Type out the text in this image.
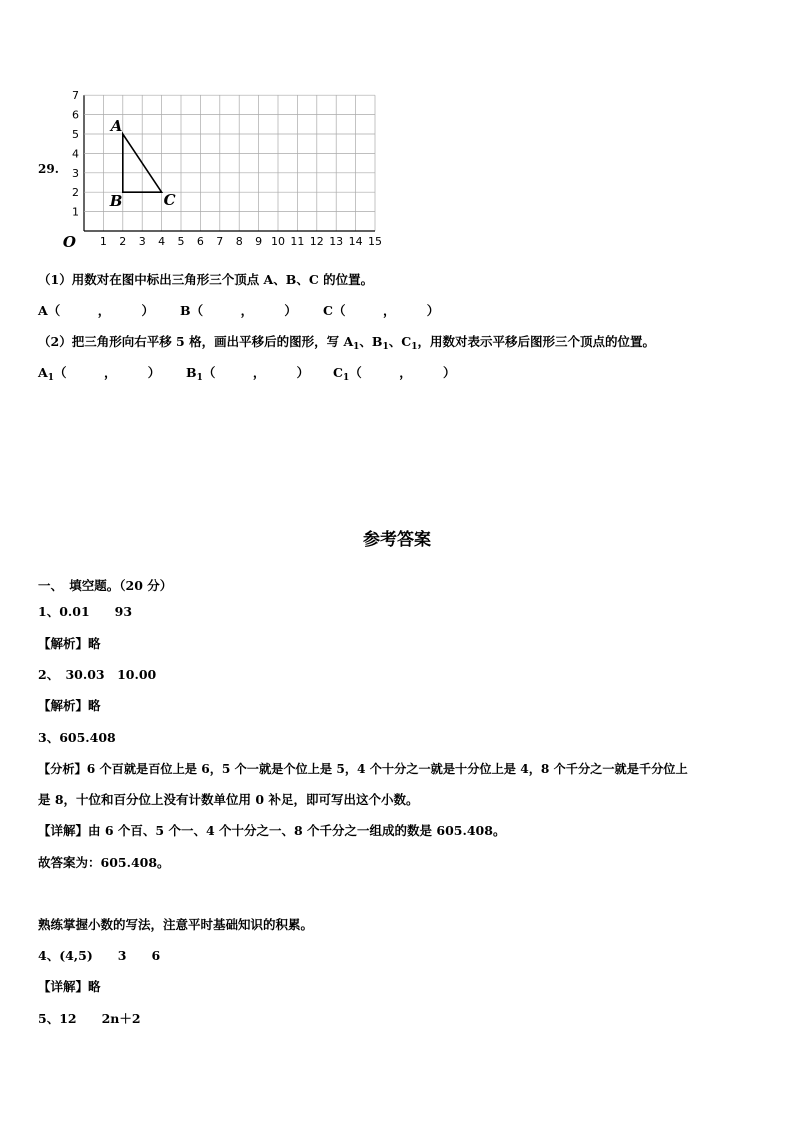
29.
1 2 3 4 5 6 7 8 9 10 11 12 13 14 15
1
2
3
4
5
6
7
O
A
B	C
（1）用数对在图中标出三角形三个顶点 A、B、C 的位置。
A（　　　，　　　） B（　　　，　　　） C（　　　，　　　）
（2）把三角形向右平移 5 格，画出平移后的图形，写 $A_1$、$B_1$、$C_1$，用数对表示平移后图形三个顶点的位置。
$A_1$（　　　，　　　） $B_1$（　　　，　　　） $C_1$（　　　，　　　）
参考答案
一、　填空题。（20 分）
1、0.01　　93
【解析】略
2、　30.03　10.00
【解析】略
3、605.408
【分析】6 个百就是百位上是 6，5 个一就是个位上是 5，4 个十分之一就是十分位上是 4，8 个千分之一就是千分位上
是 8，十位和百分位上没有计数单位用 0 补足，即可写出这个小数。
【详解】由 6 个百、5 个一、4 个十分之一、8 个千分之一组成的数是 605.408。
故答案为：605.408。
熟练掌握小数的写法，注意平时基础知识的积累。
4、(4,5)　　3　　6
【详解】略
5、12　　2n＋2
